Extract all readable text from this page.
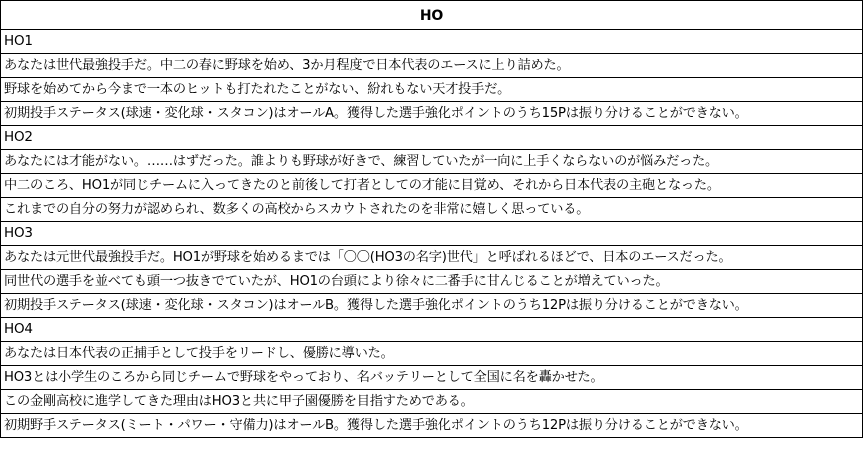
HO
HO1
あなたは世代最強投手だ。中二の春に野球を始め、3か月程度で日本代表のエースに上り詰めた。
野球を始めてから今まで一本のヒットも打たれたことがない、紛れもない天才投手だ。
初期投手ステータス(球速・変化球・スタコン)はオールA。獲得した選手強化ポイントのうち15Pは振り分けることができない。
HO2
あなたには才能がない。……はずだった。誰よりも野球が好きで、練習していたが一向に上手くならないのが悩みだった。
中二のころ、HO1が同じチームに入ってきたのと前後して打者としての才能に目覚め、それから日本代表の主砲となった。
これまでの自分の努力が認められ、数多くの高校からスカウトされたのを非常に嬉しく思っている。
HO3
あなたは元世代最強投手だ。HO1が野球を始めるまでは「〇〇(HO3の名字)世代」と呼ばれるほどで、日本のエースだった。
同世代の選手を並べても頭一つ抜きでていたが、HO1の台頭により徐々に二番手に甘んじることが増えていった。
初期投手ステータス(球速・変化球・スタコン)はオールB。獲得した選手強化ポイントのうち12Pは振り分けることができない。
HO4
あなたは日本代表の正捕手として投手をリードし、優勝に導いた。
HO3とは小学生のころから同じチームで野球をやっており、名バッテリーとして全国に名を轟かせた。
この金剛高校に進学してきた理由はHO3と共に甲子園優勝を目指すためである。
初期野手ステータス(ミート・パワー・守備力)はオールB。獲得した選手強化ポイントのうち12Pは振り分けることができない。
